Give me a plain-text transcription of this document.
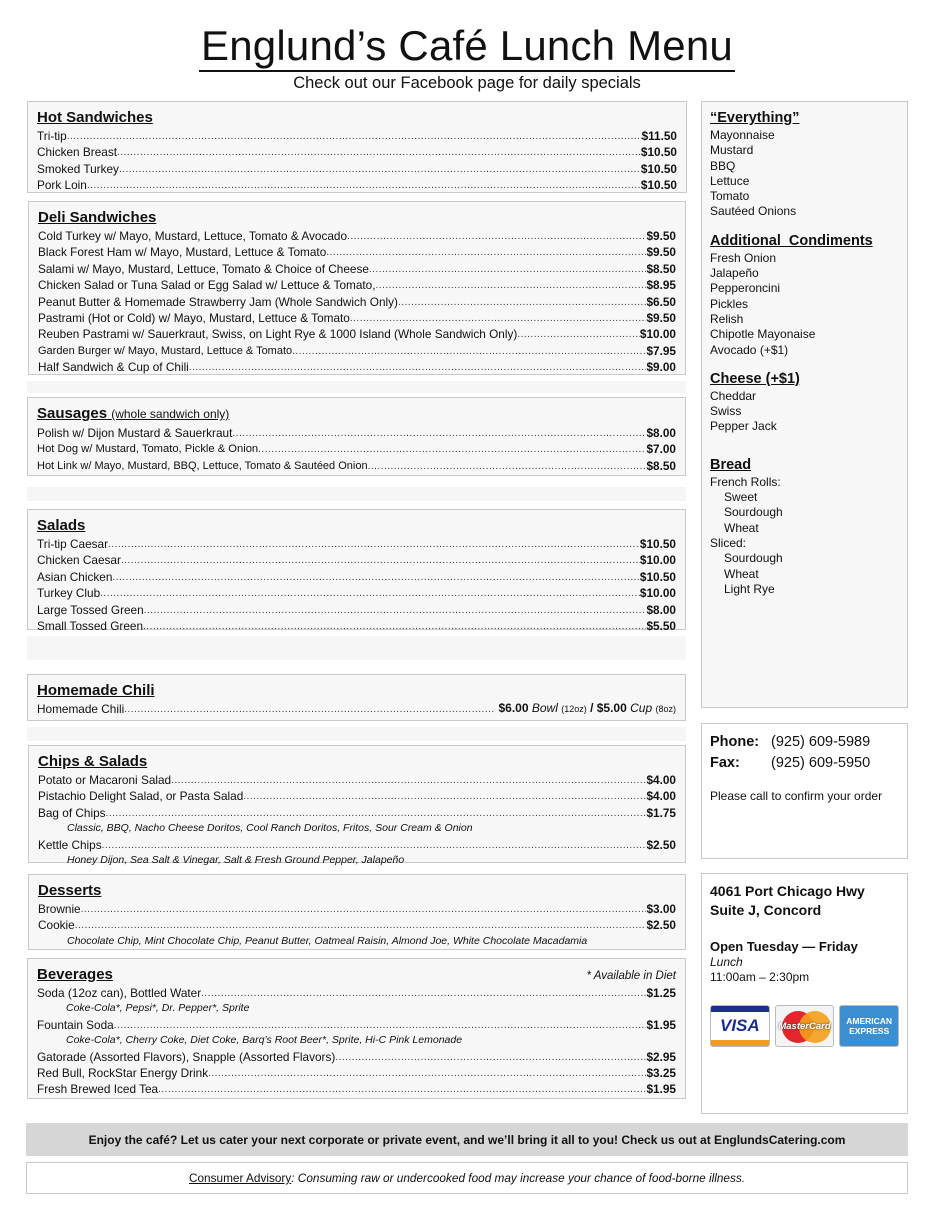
Englund’s Café Lunch Menu
Check out our Facebook page for daily specials
Hot Sandwiches
Tri-tip .....	$11.50
Chicken Breast .....	$10.50
Smoked Turkey .....	$10.50
Pork Loin .....	$10.50
Deli Sandwiches
Cold Turkey w/ Mayo, Mustard, Lettuce, Tomato & Avocado .....	$9.50
Black Forest Ham w/ Mayo, Mustard, Lettuce & Tomato .....	$9.50
Salami w/ Mayo, Mustard, Lettuce, Tomato & Choice of Cheese .....	$8.50
Chicken Salad or Tuna Salad or Egg Salad w/ Lettuce & Tomato, .....	$8.95
Peanut Butter & Homemade Strawberry Jam (Whole Sandwich Only) .....	$6.50
Pastrami (Hot or Cold) w/ Mayo, Mustard, Lettuce & Tomato .....	$9.50
Reuben Pastrami w/ Sauerkraut, Swiss, on Light Rye & 1000 Island (Whole Sandwich Only) .....	$10.00
Garden Burger w/ Mayo, Mustard, Lettuce & Tomato .....	$7.95
Half Sandwich & Cup of Chili .....	$9.00
Sausages (whole sandwich only)
Polish w/ Dijon Mustard & Sauerkraut .....	$8.00
Hot Dog w/ Mustard, Tomato, Pickle & Onion .....	$7.00
Hot Link w/ Mayo, Mustard, BBQ, Lettuce, Tomato & Sautéed Onion .....	$8.50
Salads
Tri-tip Caesar .....	$10.50
Chicken Caesar .....	$10.00
Asian Chicken .....	$10.50
Turkey Club .....	$10.00
Large Tossed Green .....	$8.00
Small Tossed Green .....	$5.50
Homemade Chili
Homemade Chili .....	$6.00 Bowl (12oz) / $5.00 Cup (8oz)
Chips & Salads
Potato or Macaroni Salad .....	$4.00
Pistachio Delight Salad, or Pasta Salad .....	$4.00
Bag of Chips .....	$1.75
Classic, BBQ, Nacho Cheese Doritos, Cool Ranch Doritos, Fritos, Sour Cream & Onion
Kettle Chips .....	$2.50
Honey Dijon, Sea Salt & Vinegar, Salt & Fresh Ground Pepper, Jalapeño
Desserts
Brownie .....	$3.00
Cookie .....	$2.50
Chocolate Chip, Mint Chocolate Chip, Peanut Butter, Oatmeal Raisin, Almond Joe, White Chocolate Macadamia
Beverages	* Available in Diet
Soda (12oz can), Bottled Water .....	$1.25
Coke-Cola*, Pepsi*, Dr. Pepper*, Sprite
Fountain Soda .....	$1.95
Coke-Cola*, Cherry Coke, Diet Coke, Barq’s Root Beer*, Sprite, Hi-C Pink Lemonade
Gatorade (Assorted Flavors), Snapple (Assorted Flavors) .....	$2.95
Red Bull, RockStar Energy Drink .....	$3.25
Fresh Brewed Iced Tea .....	$1.95
“Everything”
Mayonnaise
Mustard
BBQ
Lettuce
Tomato
Sautéed Onions
Additional  Condiments
Fresh Onion
Jalapeño
Pepperoncini
Pickles
Relish
Chipotle Mayonaise
Avocado (+$1)
Cheese (+$1)
Cheddar
Swiss
Pepper Jack
Bread
French Rolls:
Sweet
Sourdough
Wheat
Sliced:
Sourdough
Wheat
Light Rye
Phone: (925) 609-5989
Fax:	(925) 609-5950
Please call to confirm your order
4061 Port Chicago Hwy
Suite J, Concord
Open Tuesday — Friday
Lunch
11:00am – 2:30pm
VISA MasterCard AMERICAN
EXPRESS
Enjoy the café? Let us cater your next corporate or private event, and we’ll bring it all to you! Check us out at EnglundsCatering.com
Consumer Advisory : Consuming raw or undercooked food may increase your chance of food-borne illness.
